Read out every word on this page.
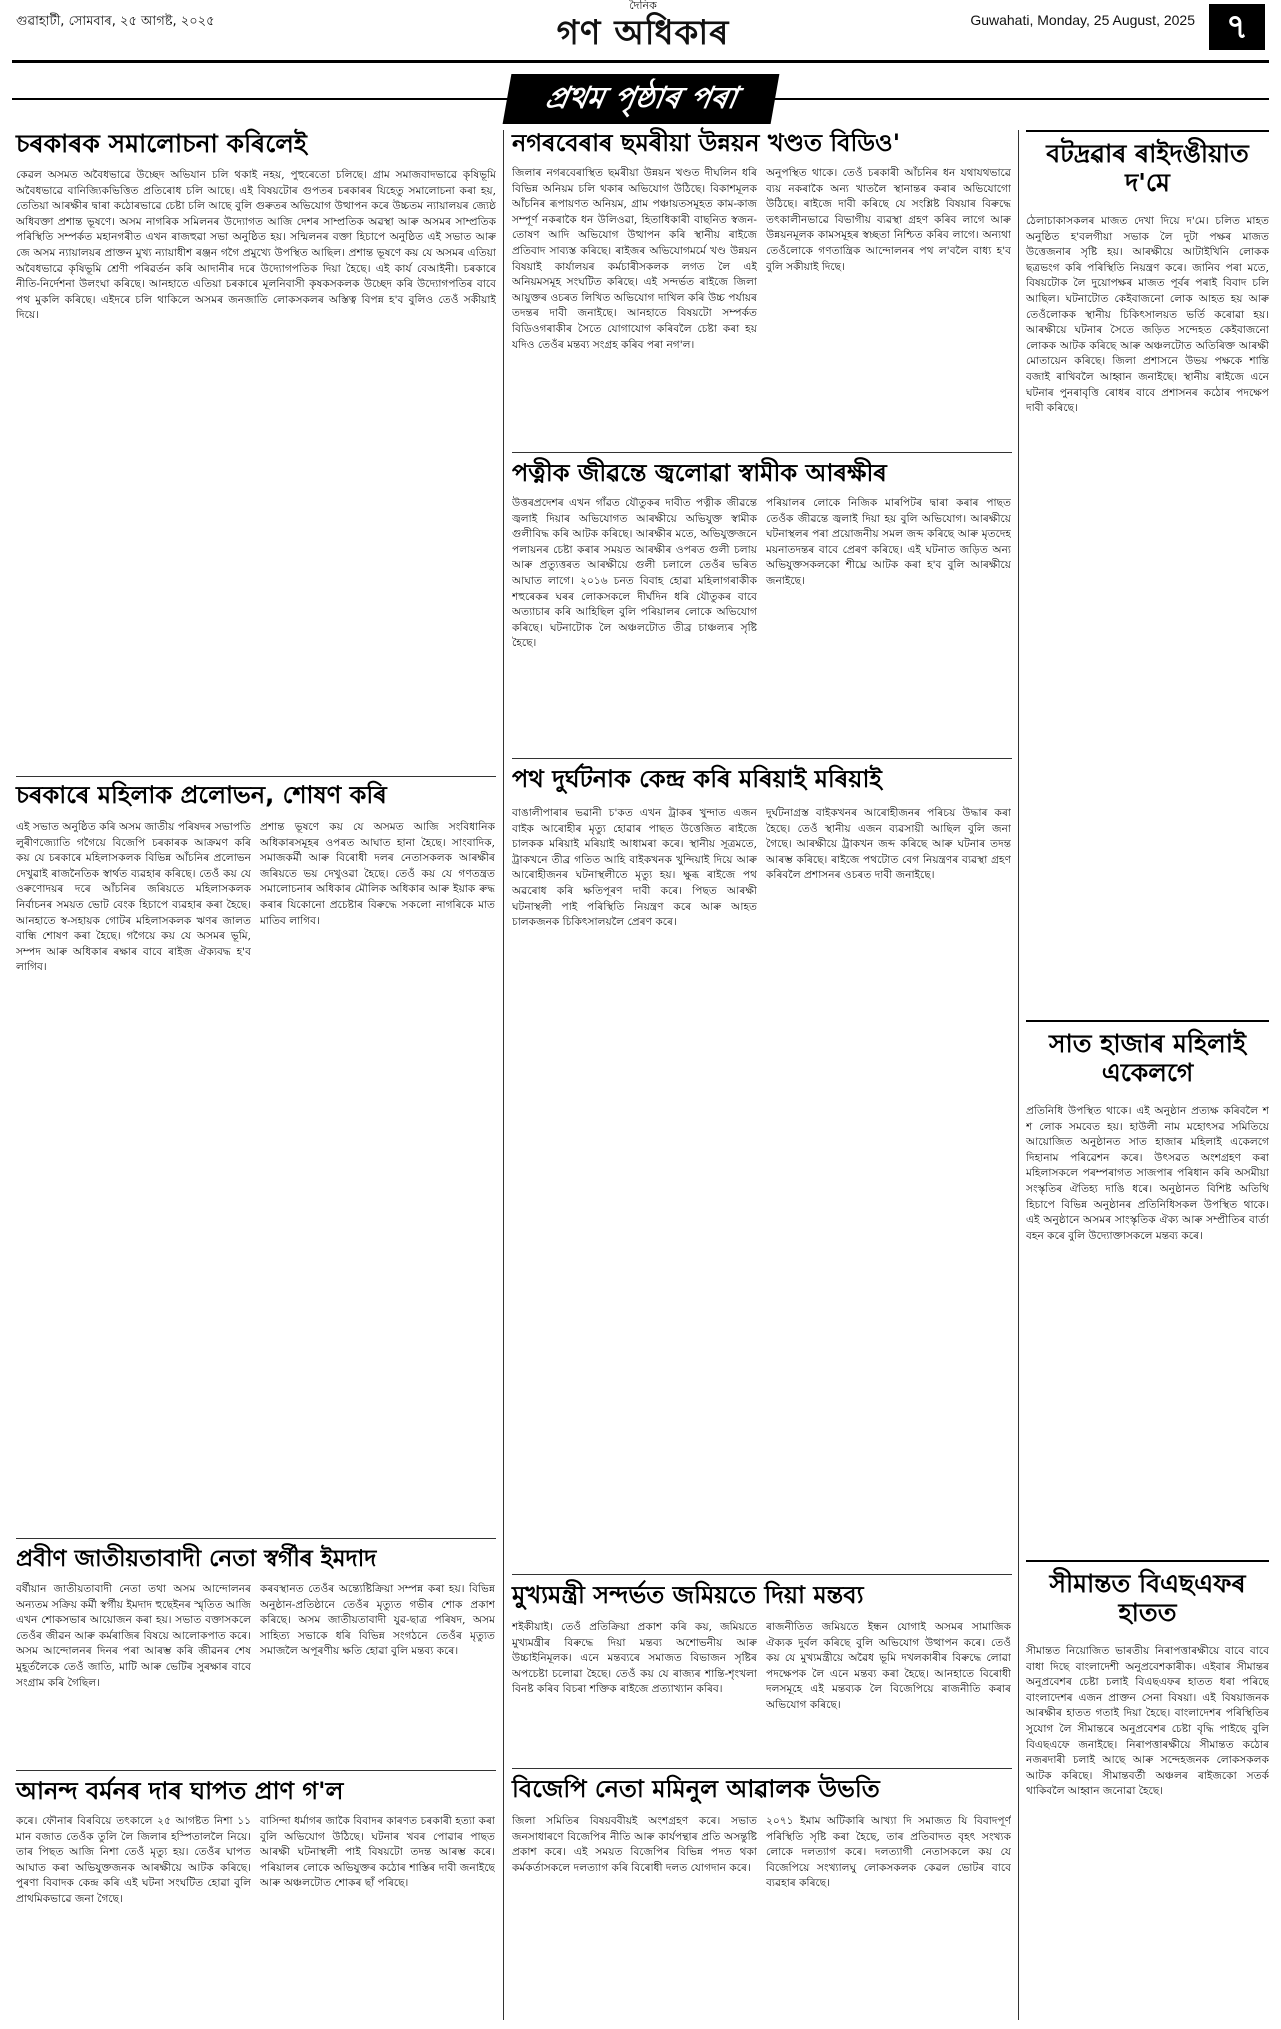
গুৱাহাটী, সোমবাৰ, ২৫ আগষ্ট, ২০২৫
দৈনিক
গণ অধিকাৰ	Guwahati, Monday, 25 August, 2025 ৭
প্ৰথম পৃষ্ঠাৰ পৰা
চৰকাৰক সমালোচনা কৰিলেই
কেৱল অসমত অবৈধভাৱে উচ্ছেদ অভিযান চলি থকাই নহয়, পুহুৰেতো চলিছে। গ্ৰাম সমাজবাদভাৱে কৃষিভূমি অবৈধভাৱে বানিজ্যিকভিত্তিত প্ৰতিৰোধ চলি আছে। এই বিষয়টোৰ গুপতৰ চৰকাৰৰ যিহেতু সমালোচনা কৰা হয়, তেতিয়া আৰক্ষীৰ দ্বাৰা কঠোৰভাৱে চেষ্টা চলি আছে বুলি গুৰুতৰ অভিযোগ উত্থাপন কৰে উচ্চতম ন্যায়ালয়ৰ জ্যেষ্ঠ অধিবক্তা প্ৰশান্ত ভূষণে। অসম নাগৰিক সমিলনৰ উদ্যোগত আজি দেশৰ সাম্প্ৰতিক অৱস্থা আৰু অসমৰ সাম্প্ৰতিক পৰিস্থিতি সম্পৰ্কত মহানগৰীত এখন ৰাজহুৱা সভা অনুষ্ঠিত হয়। সন্মিলনৰ বক্তা হিচাপে অনুষ্ঠিত এই সভাত আৰু জে অসম ন্যায়ালয়ৰ প্ৰাক্তন মুখ্য ন্যায়াধীশ ৰঞ্জন গগৈ প্ৰমুখ্যে উপস্থিত আছিল। প্ৰশান্ত ভূষণে কয় যে অসমৰ এতিয়া অবৈধভাৱে কৃষিভূমি শ্ৰেণী পৰিৱৰ্তন কৰি আদানীৰ দৰে উদ্যোগপতিক দিয়া হৈছে। এই কাৰ্য বেআইনী। চৰকাৰে নীতি-নিৰ্দেশনা উলংঘা কৰিছে। আনহাতে এতিয়া চৰকাৰে মূলনিবাসী কৃষকসকলক উচ্ছেদ কৰি উদ্যোগপতিৰ বাবে পথ মুকলি কৰিছে। এইদৰে চলি থাকিলে অসমৰ জনজাতি লোকসকলৰ অস্তিত্ব বিপন্ন হ'ব বুলিও তেওঁ সকীয়াই দিয়ে।
নগৰবেৰাৰ ছমৰীয়া উন্নয়ন খণ্ডত বিডিও'
জিলাৰ নগৰবেৰাস্থিত ছমৰীয়া উন্নয়ন খণ্ডত দীঘলিন ধৰি বিভিন্ন অনিয়ম চলি থকাৰ অভিযোগ উঠিছে। বিকাশমূলক আঁচনিৰ ৰূপায়ণত অনিয়ম, গ্ৰাম পঞ্চায়তসমূহত কাম-কাজ সম্পূৰ্ণ নকৰাকৈ ধন উলিওৱা, হিতাধিকাৰী বাছনিত স্বজন-তোষণ আদি অভিযোগ উত্থাপন কৰি স্থানীয় ৰাইজে প্ৰতিবাদ সাব্যস্ত কৰিছে। ৰাইজৰ অভিযোগমৰ্মে খণ্ড উন্নয়ন বিষয়াই কাৰ্যালয়ৰ কৰ্মচাৰীসকলক লগত লৈ এই অনিয়মসমূহ সংঘটিত কৰিছে। এই সন্দৰ্ভত ৰাইজে জিলা আয়ুক্তৰ ওচৰত লিখিত অভিযোগ দাখিল কৰি উচ্চ পৰ্যায়ৰ তদন্তৰ দাবী জনাইছে। আনহাতে বিষয়টো সম্পৰ্কত বিডিওগৰাকীৰ সৈতে যোগাযোগ কৰিবলৈ চেষ্টা কৰা হয় যদিও তেওঁৰ মন্তব্য সংগ্ৰহ কৰিব পৰা নগ'ল।
অনুপস্থিত থাকে। তেওঁ চৰকাৰী আঁচনিৰ ধন যথাযথভাৱে ব্যয় নকৰাকৈ অন্য খাতলৈ স্থানান্তৰ কৰাৰ অভিযোগো উঠিছে। ৰাইজে দাবী কৰিছে যে সংশ্লিষ্ট বিষয়াৰ বিৰুদ্ধে তৎকালীনভাৱে বিভাগীয় ব্যৱস্থা গ্ৰহণ কৰিব লাগে আৰু উন্নয়নমূলক কামসমূহৰ স্বচ্ছতা নিশ্চিত কৰিব লাগে। অন্যথা তেওঁলোকে গণতান্ত্ৰিক আন্দোলনৰ পথ ল'বলৈ বাধ্য হ'ব বুলি সকীয়াই দিছে।
পত্নীক জীৱন্তে জ্বলোৱা স্বামীক আৰক্ষীৰ
উত্তৰপ্ৰদেশৰ এখন গাঁৱত যৌতুকৰ দাবীত পত্নীক জীৱন্তে জ্বলাই দিয়াৰ অভিযোগত আৰক্ষীয়ে অভিযুক্ত স্বামীক গুলীবিদ্ধ কৰি আটক কৰিছে। আৰক্ষীৰ মতে, অভিযুক্তজনে পলায়নৰ চেষ্টা কৰাৰ সময়ত আৰক্ষীৰ ওপৰত গুলী চলায় আৰু প্ৰত্যুত্তৰত আৰক্ষীয়ে গুলী চলালে তেওঁৰ ভৰিত আঘাত লাগে। ২০১৬ চনত বিবাহ হোৱা মহিলাগৰাকীক শহুৰেকৰ ঘৰৰ লোকসকলে দীৰ্ঘদিন ধৰি যৌতুকৰ বাবে অত্যাচাৰ কৰি আহিছিল বুলি পৰিয়ালৰ লোকে অভিযোগ কৰিছে। ঘটনাটোক লৈ অঞ্চলটোত তীব্ৰ চাঞ্চল্যৰ সৃষ্টি হৈছে।
পৰিয়ালৰ লোকে নিজিক মাৰপিটৰ দ্বাৰা কৰাৰ পাছত তেওঁক জীৱন্তে জ্বলাই দিয়া হয় বুলি অভিযোগ। আৰক্ষীয়ে ঘটনাস্থলৰ পৰা প্ৰয়োজনীয় সমল জব্দ কৰিছে আৰু মৃতদেহ ময়নাতদন্তৰ বাবে প্ৰেৰণ কৰিছে। এই ঘটনাত জড়িত অন্য অভিযুক্তসকলকো শীঘ্ৰে আটক কৰা হ'ব বুলি আৰক্ষীয়ে জনাইছে।
পথ দুৰ্ঘটনাক কেন্দ্ৰ কৰি মৰিয়াই মৰিয়াই
বাঙালীপাৰাৰ ভৱানী চ'কত এখন ট্ৰাকৰ খুন্দাত এজন বাইক আৰোহীৰ মৃত্যু হোৱাৰ পাছত উত্তেজিত ৰাইজে চালকক মৰিয়াই মৰিয়াই আধামৰা কৰে। স্থানীয় সূত্ৰমতে, ট্ৰাকখনে তীব্ৰ গতিত আহি বাইকখনক খুন্দিয়াই দিয়ে আৰু আৰোহীজনৰ ঘটনাস্থলীতে মৃত্যু হয়। ক্ষুব্ধ ৰাইজে পথ অৱৰোধ কৰি ক্ষতিপূৰণ দাবী কৰে। পিছত আৰক্ষী ঘটনাস্থলী পাই পৰিস্থিতি নিয়ন্ত্ৰণ কৰে আৰু আহত চালকজনক চিকিৎসালয়লৈ প্ৰেৰণ কৰে।
দুৰ্ঘটনাগ্ৰস্ত বাইকখনৰ আৰোহীজনৰ পৰিচয় উদ্ধাৰ কৰা হৈছে। তেওঁ স্থানীয় এজন ব্যৱসায়ী আছিল বুলি জনা গৈছে। আৰক্ষীয়ে ট্ৰাকখন জব্দ কৰিছে আৰু ঘটনাৰ তদন্ত আৰম্ভ কৰিছে। ৰাইজে পথটোত বেগ নিয়ন্ত্ৰণৰ ব্যৱস্থা গ্ৰহণ কৰিবলৈ প্ৰশাসনৰ ওচৰত দাবী জনাইছে।
চৰকাৰে মহিলাক প্ৰলোভন, শোষণ কৰি
এই সভাত অনুষ্ঠিত কৰি অসম জাতীয় পৰিষদৰ সভাপতি লুৰীণজ্যোতি গগৈয়ে বিজেপি চৰকাৰক আক্ৰমণ কৰি কয় যে চৰকাৰে মহিলাসকলক বিভিন্ন আঁচনিৰ প্ৰলোভন দেখুৱাই ৰাজনৈতিক স্বাৰ্থত ব্যৱহাৰ কৰিছে। তেওঁ কয় যে ওৰুণোদয়ৰ দৰে আঁচনিৰ জৰিয়তে মহিলাসকলক নিৰ্বাচনৰ সময়ত ভোট বেংক হিচাপে ব্যৱহাৰ কৰা হৈছে। আনহাতে স্ব-সহায়ক গোটৰ মহিলাসকলক ঋণৰ জালত বান্ধি শোষণ কৰা হৈছে। গগৈয়ে কয় যে অসমৰ ভূমি, সম্পদ আৰু অধিকাৰ ৰক্ষাৰ বাবে ৰাইজ ঐক্যবদ্ধ হ'ব লাগিব।
প্ৰশান্ত ভূষণে কয় যে অসমত আজি সংবিধানিক অধিকাৰসমূহৰ ওপৰত আঘাত হানা হৈছে। সাংবাদিক, সমাজকৰ্মী আৰু বিৰোধী দলৰ নেতাসকলক আৰক্ষীৰ জৰিয়তে ভয় দেখুওৱা হৈছে। তেওঁ কয় যে গণতন্ত্ৰত সমালোচনাৰ অধিকাৰ মৌলিক অধিকাৰ আৰু ইয়াক ৰুদ্ধ কৰাৰ যিকোনো প্ৰচেষ্টাৰ বিৰুদ্ধে সকলো নাগৰিকে মাত মাতিব লাগিব।
প্ৰবীণ জাতীয়তাবাদী নেতা স্বৰ্গীৰ ইমদাদ
বৰ্ষীয়ান জাতীয়তাবাদী নেতা তথা অসম আন্দোলনৰ অন্যতম সক্ৰিয় কৰ্মী স্বৰ্গীয় ইমদাদ হুছেইনৰ স্মৃতিত আজি এখন শোকসভাৰ আয়োজন কৰা হয়। সভাত বক্তাসকলে তেওঁৰ জীৱন আৰু কৰ্মৰাজিৰ বিষয়ে আলোকপাত কৰে। অসম আন্দোলনৰ দিনৰ পৰা আৰম্ভ কৰি জীৱনৰ শেষ মুহূৰ্তলৈকে তেওঁ জাতি, মাটি আৰু ভেটিৰ সুৰক্ষাৰ বাবে সংগ্ৰাম কৰি গৈছিল।
কৰবস্থানত তেওঁৰ অন্ত্যেষ্টিক্ৰিয়া সম্পন্ন কৰা হয়। বিভিন্ন অনুষ্ঠান-প্ৰতিষ্ঠানে তেওঁৰ মৃত্যুত গভীৰ শোক প্ৰকাশ কৰিছে। অসম জাতীয়তাবাদী যুৱ-ছাত্ৰ পৰিষদ, অসম সাহিত্য সভাকে ধৰি বিভিন্ন সংগঠনে তেওঁৰ মৃত্যুত সমাজলৈ অপূৰণীয় ক্ষতি হোৱা বুলি মন্তব্য কৰে।
মুখ্যমন্ত্ৰী সন্দৰ্ভত জমিয়তে দিয়া মন্তব্য
শইকীয়াই। তেওঁ প্ৰতিক্ৰিয়া প্ৰকাশ কৰি কয়, জমিয়তে মুখ্যমন্ত্ৰীৰ বিৰুদ্ধে দিয়া মন্তব্য অশোভনীয় আৰু উচ্চাইনিমূলক। এনে মন্তব্যৰে সমাজত বিভাজন সৃষ্টিৰ অপচেষ্টা চলোৱা হৈছে। তেওঁ কয় যে ৰাজ্যৰ শান্তি-শৃংখলা বিনষ্ট কৰিব বিচৰা শক্তিক ৰাইজে প্ৰত্যাখ্যান কৰিব।
ৰাজনীতিত জমিয়তে ইন্ধন যোগাই অসমৰ সামাজিক ঐক্যক দুৰ্বল কৰিছে বুলি অভিযোগ উত্থাপন কৰে। তেওঁ কয় যে মুখ্যমন্ত্ৰীয়ে অৱৈধ ভূমি দখলকাৰীৰ বিৰুদ্ধে লোৱা পদক্ষেপক লৈ এনে মন্তব্য কৰা হৈছে। আনহাতে বিৰোধী দলসমূহে এই মন্তব্যক লৈ বিজেপিয়ে ৰাজনীতি কৰাৰ অভিযোগ কৰিছে।
আনন্দ বৰ্মনৰ দাৰ ঘাপত প্ৰাণ গ'ল
কৰে। ফৌনাৰ বিৰবিয়ে তৎকালে ২৫ আগষ্টত নিশা ১১ মান বজাত তেওঁক তুলি লৈ জিলাৰ হস্পিতাললৈ নিয়ে। তাৰ পিছত আজি নিশা তেওঁ মৃত্যু হয়। তেওঁৰ ঘাপত আঘাত কৰা অভিযুক্তজনক আৰক্ষীয়ে আটক কৰিছে। পুৰণা বিবাদক কেন্দ্ৰ কৰি এই ঘটনা সংঘটিত হোৱা বুলি প্ৰাথমিকভাৱে জনা গৈছে।
বাসিন্দা ধৰ্মাগৰ জাকৈ বিবাদৰ কাৰণত চৰকাৰী হত্যা কৰা বুলি অভিযোগ উঠিছে। ঘটনাৰ খবৰ পোৱাৰ পাছত আৰক্ষী ঘটনাস্থলী পাই বিষয়টো তদন্ত আৰম্ভ কৰে। পৰিয়ালৰ লোকে অভিযুক্তৰ কঠোৰ শাস্তিৰ দাবী জনাইছে আৰু অঞ্চলটোত শোকৰ ছাঁ পৰিছে।
বিজেপি নেতা মমিনুল আৱালক উভতি
জিলা সমিতিৰ বিষয়ববীয়ই অংশগ্ৰহণ কৰে। সভাত জনসাধাৰণে বিজেপিৰ নীতি আৰু কাৰ্যপন্থাৰ প্ৰতি অসন্তুষ্টি প্ৰকাশ কৰে। এই সময়ত বিজেপিৰ বিভিন্ন পদত থকা কৰ্মকৰ্তাসকলে দলত্যাগ কৰি বিৰোধী দলত যোগদান কৰে।
২০৭১ ইমাম অটিকাৰি আখ্যা দি সমাজত যি বিবাদপূৰ্ণ পৰিস্থিতি সৃষ্টি কৰা হৈছে, তাৰ প্ৰতিবাদত বৃহৎ সংখ্যক লোকে দলত্যাগ কৰে। দলত্যাগী নেতাসকলে কয় যে বিজেপিয়ে সংখ্যালঘু লোকসকলক কেৱল ভোটৰ বাবে ব্যৱহাৰ কৰিছে।
বটদ্ৰৱাৰ ৰাইদঙীয়াত দ'মে
ঠেলাচাকাসকলৰ মাজত দেখা দিয়ে দ'মে। চলিত মাহত অনুষ্ঠিত হ'বলগীয়া সভাক লৈ দুটা পক্ষৰ মাজত উত্তেজনাৰ সৃষ্টি হয়। আৰক্ষীয়ে আটাইখিনি লোকক ছত্ৰভংগ কৰি পৰিস্থিতি নিয়ন্ত্ৰণ কৰে। জানিব পৰা মতে, বিষয়টোক লৈ দুয়োপক্ষৰ মাজত পূৰ্বৰ পৰাই বিবাদ চলি আছিল। ঘটনাটোত কেইবাজনো লোক আহত হয় আৰু তেওঁলোকক স্থানীয় চিকিৎসালয়ত ভৰ্তি কৰোৱা হয়। আৰক্ষীয়ে ঘটনাৰ সৈতে জড়িত সন্দেহত কেইবাজনো লোকক আটক কৰিছে আৰু অঞ্চলটোত অতিৰিক্ত আৰক্ষী মোতায়েন কৰিছে। জিলা প্ৰশাসনে উভয় পক্ষকে শান্তি বজাই ৰাখিবলৈ আহ্বান জনাইছে। স্থানীয় ৰাইজে এনে ঘটনাৰ পুনৰাবৃত্তি ৰোধৰ বাবে প্ৰশাসনৰ কঠোৰ পদক্ষেপ দাবী কৰিছে।
সাত হাজাৰ মহিলাই একেলগে
প্ৰতিনিধি উপস্থিত থাকে। এই অনুষ্ঠান প্ৰত্যক্ষ কৰিবলৈ শ শ লোক সমবেত হয়। হাউলী নাম মহোৎসৱ সমিতিয়ে আয়োজিত অনুষ্ঠানত সাত হাজাৰ মহিলাই একেলগে দিহানাম পৰিৱেশন কৰে। উৎসৱত অংশগ্ৰহণ কৰা মহিলাসকলে পৰম্পৰাগত সাজপাৰ পৰিধান কৰি অসমীয়া সংস্কৃতিৰ ঐতিহ্য দাঙি ধৰে। অনুষ্ঠানত বিশিষ্ট অতিথি হিচাপে বিভিন্ন অনুষ্ঠানৰ প্ৰতিনিধিসকল উপস্থিত থাকে। এই অনুষ্ঠানে অসমৰ সাংস্কৃতিক ঐক্য আৰু সম্প্ৰীতিৰ বাৰ্তা বহন কৰে বুলি উদ্যোক্তাসকলে মন্তব্য কৰে।
সীমান্তত বিএছএফৰ হাতত
সীমান্তত নিয়োজিত ভাৰতীয় নিৰাপত্তাৰক্ষীয়ে বাবে বাবে বাধা দিছে বাংলাদেশী অনুপ্ৰবেশকাৰীক। এইবাৰ সীমান্তৰ অনুপ্ৰবেশৰ চেষ্টা চলাই বিএছএফৰ হাতত ধৰা পৰিছে বাংলাদেশৰ এজন প্ৰাক্তন সেনা বিষয়া। এই বিষয়াজনক আৰক্ষীৰ হাতত গতাই দিয়া হৈছে। বাংলাদেশৰ পৰিস্থিতিৰ সুযোগ লৈ সীমান্তৰে অনুপ্ৰবেশৰ চেষ্টা বৃদ্ধি পাইছে বুলি বিএছএফে জনাইছে। নিৰাপত্তাৰক্ষীয়ে সীমান্তত কঠোৰ নজৰদাৰী চলাই আছে আৰু সন্দেহজনক লোকসকলক আটক কৰিছে। সীমান্তবৰ্তী অঞ্চলৰ ৰাইজকো সতৰ্ক থাকিবলৈ আহ্বান জনোৱা হৈছে।
